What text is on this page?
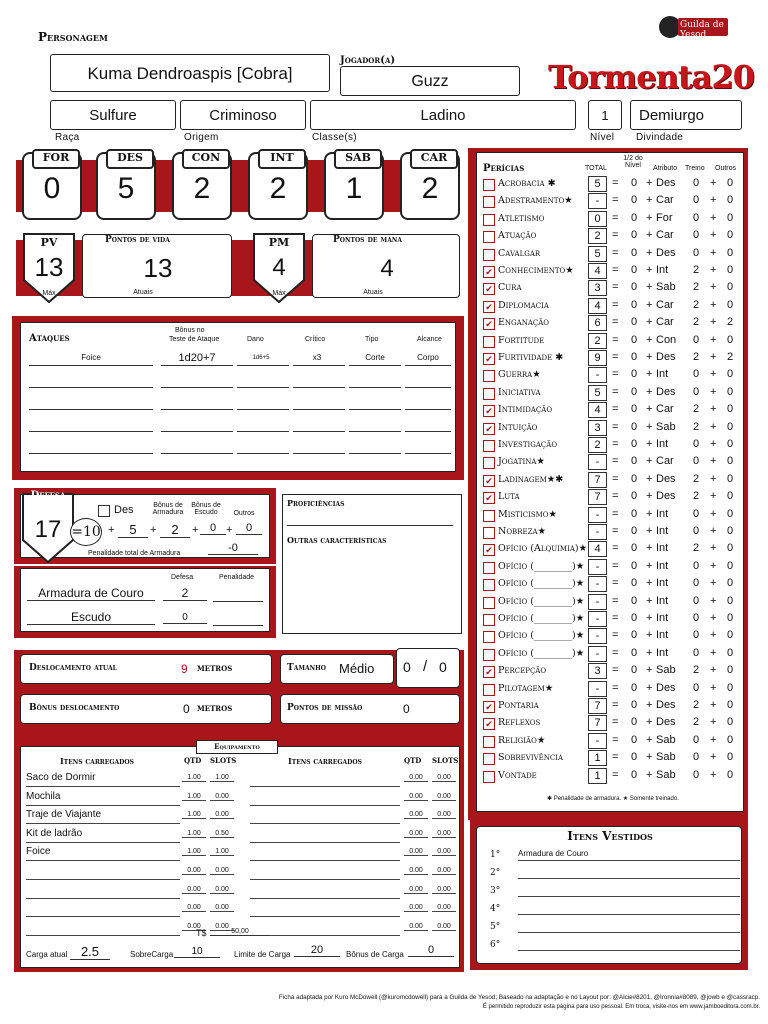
Personagem
Kuma Dendroaspis [Cobra]
Jogador(a)
Guzz
Guilda de Yesod
Tormenta20
Sulfure	Criminoso	Ladino	1	Demiurgo
Raça	Origem	Classe(s)	Nível Divindade
FOR
0
DES
5
CON
2
INT
2
SAB
1
CAR
2
PV
13
Máx
Pontos de vida
13
Atuais
PM
4
Máx
Pontos de mana
4
Atuais
Ataques
Bônus no
Teste de Ataque	Dano	Crítico	Tipo	Alcance
Foice	1d20+7	1d6+5	x3	Corte	Corpo
Defesa
17 =10
Des	Bônus de Armadura
Bônus de Escudo	Outros
+	5	+	2	+	0 +	0
Penalidade total de Armadura	-0
Defesa	Penalidade
Armadura de Couro	2
Escudo	0
Proficiências
Outras características
Deslocamento atual	9 metros	Tamanho Médio 0 / 0
Bônus deslocamento	0 metros	Pontos de missão	0
Perícias	TOTAL
1/2 do Nível	Atributo Treino Outros
✱ Penalidade de armadura. ★ Somente treinado.
Acrobacia ✱	5	=	0 + Des	0 + 0
Adestramento★	-	=	0 + Car	0 + 0
Atletismo	0	=	0 + For	0 + 0
Atuação	2	=	0 + Car	0 + 0
Cavalgar	5	=	0 + Des	0 + 0
✔ Conhecimento★	4	=	0 + Int	2 + 0
✔ Cura	3	=	0 + Sab	2 + 0
✔ Diplomacia	4	=	0 + Car	2 + 0
✔ Enganação	6	=	0 + Car	2 + 2
Fortitude	2	=	0 + Con	0 + 0
✔ Furtividade ✱	9	=	0 + Des	2 + 2
Guerra★	-	=	0 + Int	0 + 0
Iniciativa	5	=	0 + Des	0 + 0
✔ Intimidação	4	=	0 + Car	2 + 0
✔ Intuição	3	=	0 + Sab	2 + 0
Investigação	2	=	0 + Int	0 + 0
Jogatina★	-	=	0 + Car	0 + 0
✔ Ladinagem★✱	7	=	0 + Des	2 + 0
✔ Luta	7	=	0 + Des	2 + 0
Misticismo★	-	=	0 + Int	0 + 0
Nobreza★	-	=	0 + Int	0 + 0
✔ Ofício (Alquimia)★ 4	=	0 + Int	2 + 0
Ofício (________)★	-	=	0 + Int	0 + 0
Ofício (________)★	-	=	0 + Int	0 + 0
Ofício (________)★	-	=	0 + Int	0 + 0
Ofício (________)★	-	=	0 + Int	0 + 0
Ofício (________)★	-	=	0 + Int	0 + 0
Ofício (________)★	-	=	0 + Int	0 + 0
✔ Percepção	3	=	0 + Sab	2 + 0
Pilotagem★	-	=	0 + Des	0 + 0
✔ Pontaria	7	=	0 + Des	2 + 0
✔ Reflexos	7	=	0 + Des	2 + 0
Religião★	-	=	0 + Sab	0 + 0
Sobrevivência	1	=	0 + Sab	0 + 0
Vontade	1	=	0 + Sab	0 + 0
Equipamento
Itens carregados	QTD SLOTS	Itens carregados	QTD SLOTS
Saco de Dormir	1.00	1.00
Mochila	1.00	0.00
Traje de Viajante	1.00	0.00
Kit de ladrão	1.00	0.50
Foice	1.00	1.00
0.00	0.00
0.00	0.00
0.00	0.00
0.00	0.00
0.00	0.00
0.00	0.00
0.00	0.00
0.00	0.00
0.00	0.00
0.00	0.00
0.00	0.00
0.00	0.00
0.00	0.00
T$	50,00
Carga atual	2.5	SobreCarga	10	Limite de Carga	20	Bônus de Carga	0
Itens Vestidos
1° Armadura de Couro
2°
3°
4°
5°
6°
Ficha adaptada por Kuro McDowell (@kuromcdowell) para a Guilda de Yesod; Baseado na adaptação e no Layout por: @Alcie#8201, @Ironnia#8089, @jowb e @cassracp.
É permitido reproduzir esta página para uso pessoal. Em troca, visite-nos em www.jamboeditora.com.br.
